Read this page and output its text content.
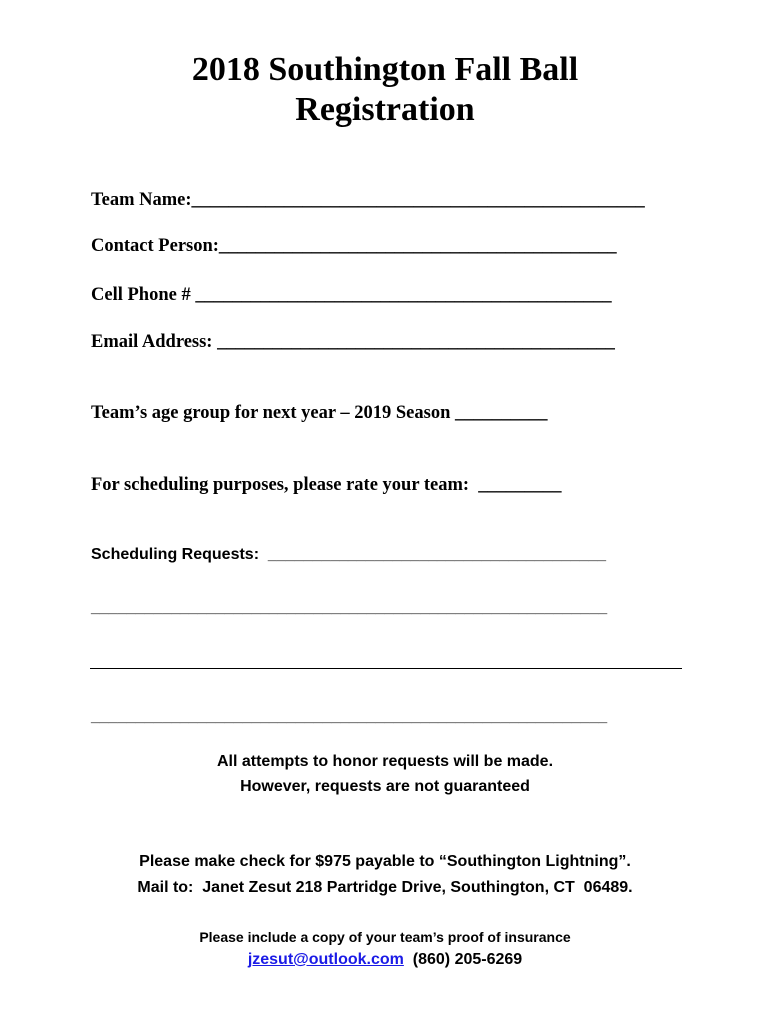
2018 Southington Fall Ball
Registration
Team Name:_________________________________________________
Contact Person:___________________________________________
Cell Phone # _____________________________________________
Email Address: ___________________________________________
Team’s age group for next year – 2019 Season __________
For scheduling purposes, please rate your team:  _________
Scheduling Requests:  ______________________________________
__________________________________________________________
__________________________________________________________
All attempts to honor requests will be made.
However, requests are not guaranteed
Please make check for $975 payable to “Southington Lightning”.
Mail to:  Janet Zesut 218 Partridge Drive, Southington, CT  06489.
Please include a copy of your team’s proof of insurance
jzesut@outlook.com  (860) 205-6269
